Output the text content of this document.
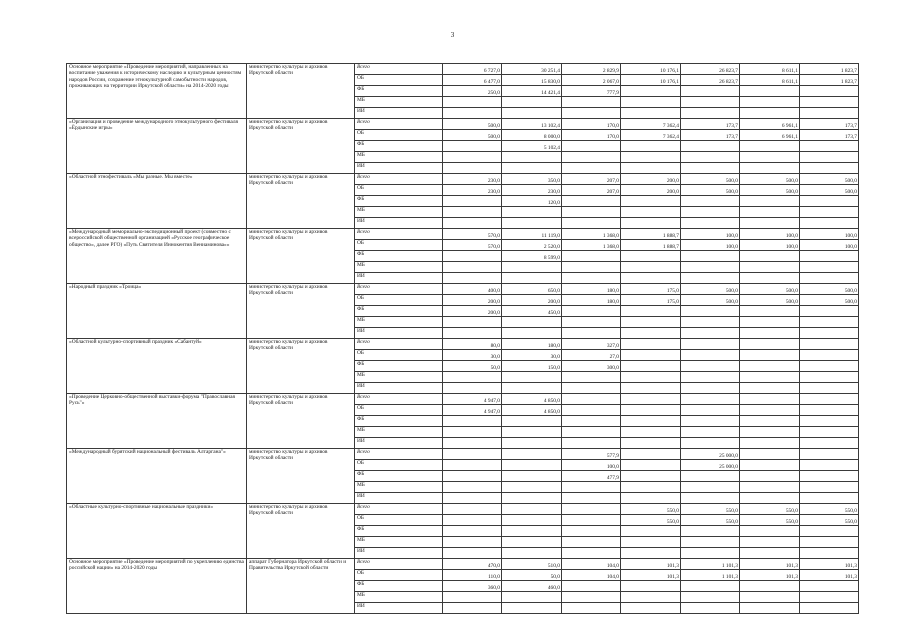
3
Основное мероприятие «Проведение мероприятий, направленных на воспитание уважения к историческому наследию и культурным ценностям народов России, сохранение этнокультурной самобытности народов, проживающих на территории Иркутской области» на 2014-2020 годы	министерство культуры и архивов Иркутской области	Всего	6 727,0	30 251,4	2 829,9	10 176,1	26 823,7	8 611,1	1 823,7
		ОБ	6 477,0	15 830,0	2 067,0	10 176,1	26 823,7	8 611,1	1 823,7
		ФБ	250,0	14 421,4	777,9				
		МБ							
		ИИ							
«Организация и проведение международного этнокультурного фестиваля «Ёрдынские игры»	министерство культуры и архивов Иркутской области	Всего	500,0	13 102,4	170,0	7 362,4	173,7	6 961,1	173,7
		ОБ	500,0	8 000,0	170,0	7 362,4	173,7	6 961,1	173,7
		ФБ		5 102,4					
		МБ							
		ИИ							
«Областной этнофестиваль «Мы разные. Мы вместе»	министерство культуры и архивов Иркутской области	Всего	230,0	350,0	207,0	200,0	500,0	500,0	500,0
		ОБ	230,0	230,0	207,0	200,0	500,0	500,0	500,0
		ФБ		120,0					
		МБ							
		ИИ							
«Международный мемориально-экспедиционный проект (совместно с всероссийской общественной организацией «Русское географическое общество», далее РГО) «Путь Святителя Иннокентия Вениаминова»»	министерство культуры и архивов Иркутской области	Всего	570,0	11 119,0	1 368,0	1 888,7	100,0	100,0	100,0
		ОБ	570,0	2 520,0	1 368,0	1 888,7	100,0	100,0	100,0
		ФБ		8 599,0					
		МБ							
		ИИ							
«Народный праздник «Троица»	министерство культуры и архивов Иркутской области	Всего	400,0	650,0	180,0	175,0	500,0	500,0	500,0
		ОБ	200,0	200,0	180,0	175,0	500,0	500,0	500,0
		ФБ	200,0	450,0					
		МБ							
		ИИ							
«Областной культурно-спортивный праздник «Сабантуй»	министерство культуры и архивов Иркутской области	Всего	80,0	180,0	327,0				
		ОБ	30,0	30,0	27,0				
		ФБ	50,0	150,0	300,0				
		МБ							
		ИИ							
«Проведение Церковно-общественной выставки-форума "Православная Русь"»	министерство культуры и архивов Иркутской области	Всего	4 947,0	4 850,0					
		ОБ	4 947,0	4 850,0					
		ФБ							
		МБ							
		ИИ							
«Международный бурятский национальный фестиваль Алтаргана"»	министерство культуры и архивов Иркутской области	Всего			577,9		25 000,0		
		ОБ			100,0		25 000,0		
		ФБ			477,9				
		МБ							
		ИИ							
«Областные культурно-спортивные национальные праздники»	министерство культуры и архивов Иркутской области	Всего				550,0	550,0	550,0	550,0
		ОБ				550,0	550,0	550,0	550,0
		ФБ							
		МБ							
		ИИ							
Основное мероприятие «Проведение мероприятий по укреплению единства российской нации» на 2014-2020 годы	аппарат Губернатора Иркутской области и Правительства Иркутской области	Всего	470,0	510,0	104,0	101,3	1 101,3	101,3	101,3
		ОБ	110,0	50,0	104,0	101,3	1 101,3	101,3	101,3
		ФБ	360,0	460,0					
		МБ							
		ИИ							
